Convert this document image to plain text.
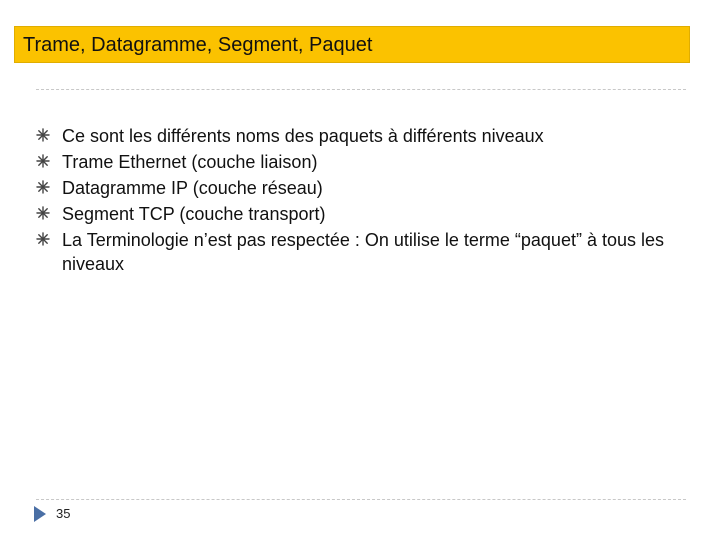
Trame, Datagramme, Segment, Paquet
Ce sont les différents noms des paquets à différents niveaux
Trame Ethernet (couche liaison)
Datagramme IP (couche réseau)
Segment TCP (couche transport)
La Terminologie n’est pas respectée : On utilise le terme “paquet” à tous les niveaux
35
